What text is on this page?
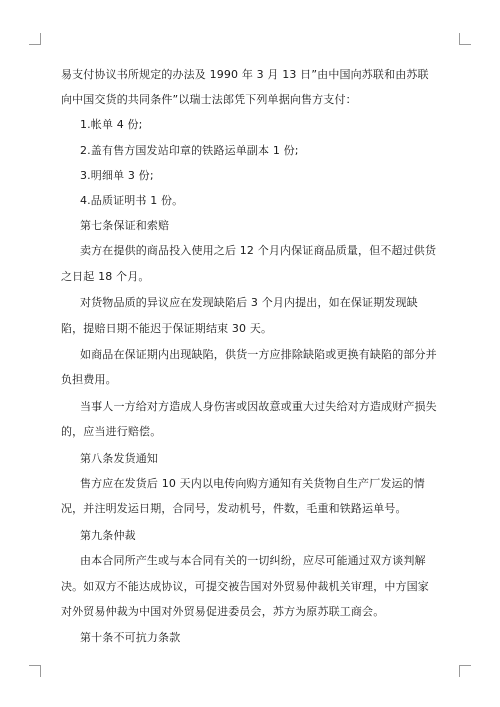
易支付协议书所规定的办法及 1990 年 3 月 13 日”由中国向苏联和由苏联向中国交货的共同条件”以瑞士法郎凭下列单据向售方支付：

1.帐单 4 份;

2.盖有售方国发站印章的铁路运单副本 1 份;

3.明细单 3 份;

4.品质证明书 1 份。

第七条保证和索赔

卖方在提供的商品投入使用之后 12 个月内保证商品质量，但不超过供货之日起 18 个月。

对货物品质的异议应在发现缺陷后 3 个月内提出，如在保证期发现缺陷，提赔日期不能迟于保证期结束 30 天。

如商品在保证期内出现缺陷，供货一方应排除缺陷或更换有缺陷的部分并负担费用。

当事人一方给对方造成人身伤害或因故意或重大过失给对方造成财产损失的，应当进行赔偿。

第八条发货通知

售方应在发货后 10 天内以电传向购方通知有关货物自生产厂发运的情况，并注明发运日期，合同号，发动机号，件数，毛重和铁路运单号。

第九条仲裁

由本合同所产生或与本合同有关的一切纠纷，应尽可能通过双方谈判解决。如双方不能达成协议，可提交被告国对外贸易仲裁机关审理，中方国家对外贸易仲裁为中国对外贸易促进委员会，苏方为原苏联工商会。

第十条不可抗力条款
